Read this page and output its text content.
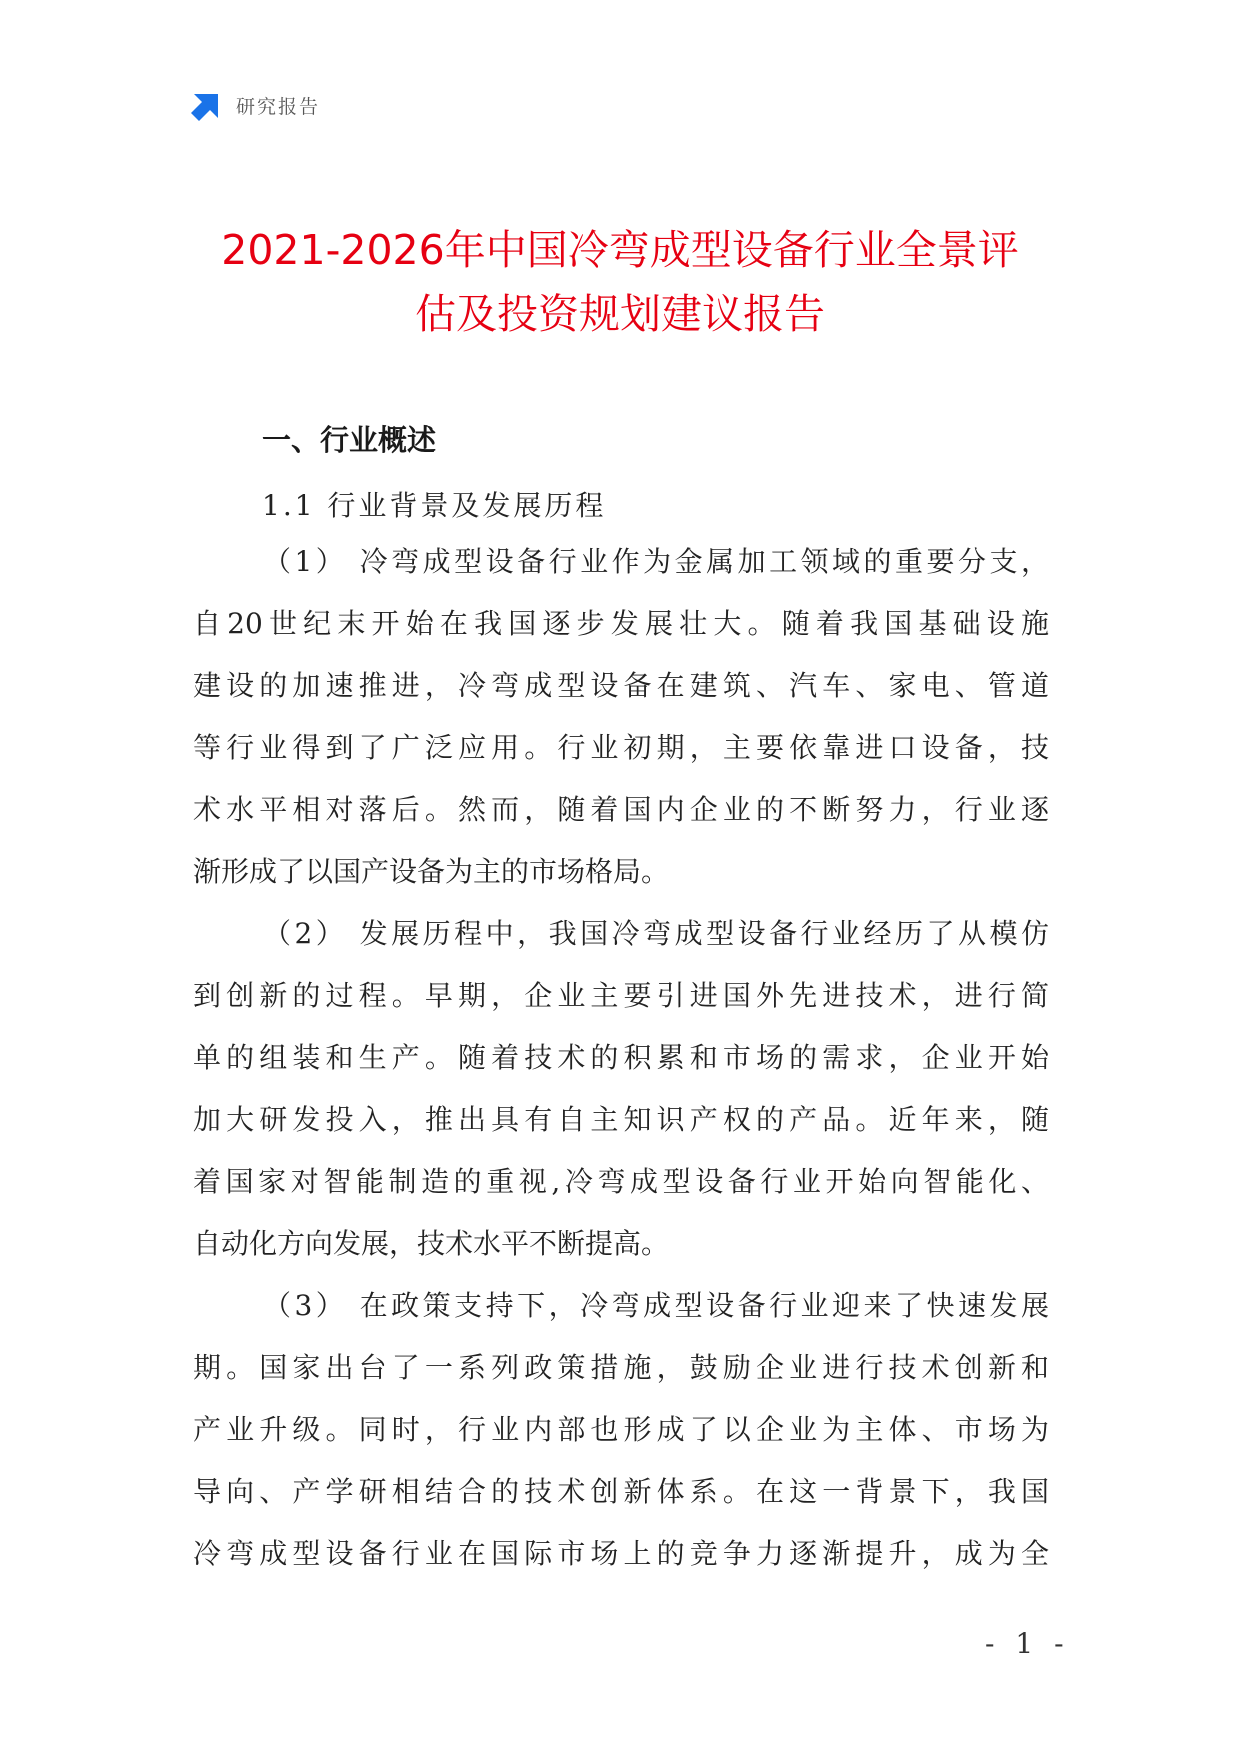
研究报告
2021-2026年中国冷弯成型设备行业全景评
估及投资规划建议报告
一、行业概述
1.1 行业背景及发展历程
（1） 冷弯成型设备行业作为金属加工领域的重要分支，
自20世纪末开始在我国逐步发展壮大。随着我国基础设施
建设的加速推进，冷弯成型设备在建筑、汽车、家电、管道
等行业得到了广泛应用。行业初期，主要依靠进口设备，技
术水平相对落后。然而，随着国内企业的不断努力，行业逐
渐形成了以国产设备为主的市场格局。
（2） 发展历程中，我国冷弯成型设备行业经历了从模仿
到创新的过程。早期，企业主要引进国外先进技术，进行简
单的组装和生产。随着技术的积累和市场的需求，企业开始
加大研发投入，推出具有自主知识产权的产品。近年来，随
着国家对智能制造的重视,冷弯成型设备行业开始向智能化、
自动化方向发展，技术水平不断提高。
（3） 在政策支持下，冷弯成型设备行业迎来了快速发展
期。国家出台了一系列政策措施，鼓励企业进行技术创新和
产业升级。同时，行业内部也形成了以企业为主体、市场为
导向、产学研相结合的技术创新体系。在这一背景下，我国
冷弯成型设备行业在国际市场上的竞争力逐渐提升，成为全
- 1 -
